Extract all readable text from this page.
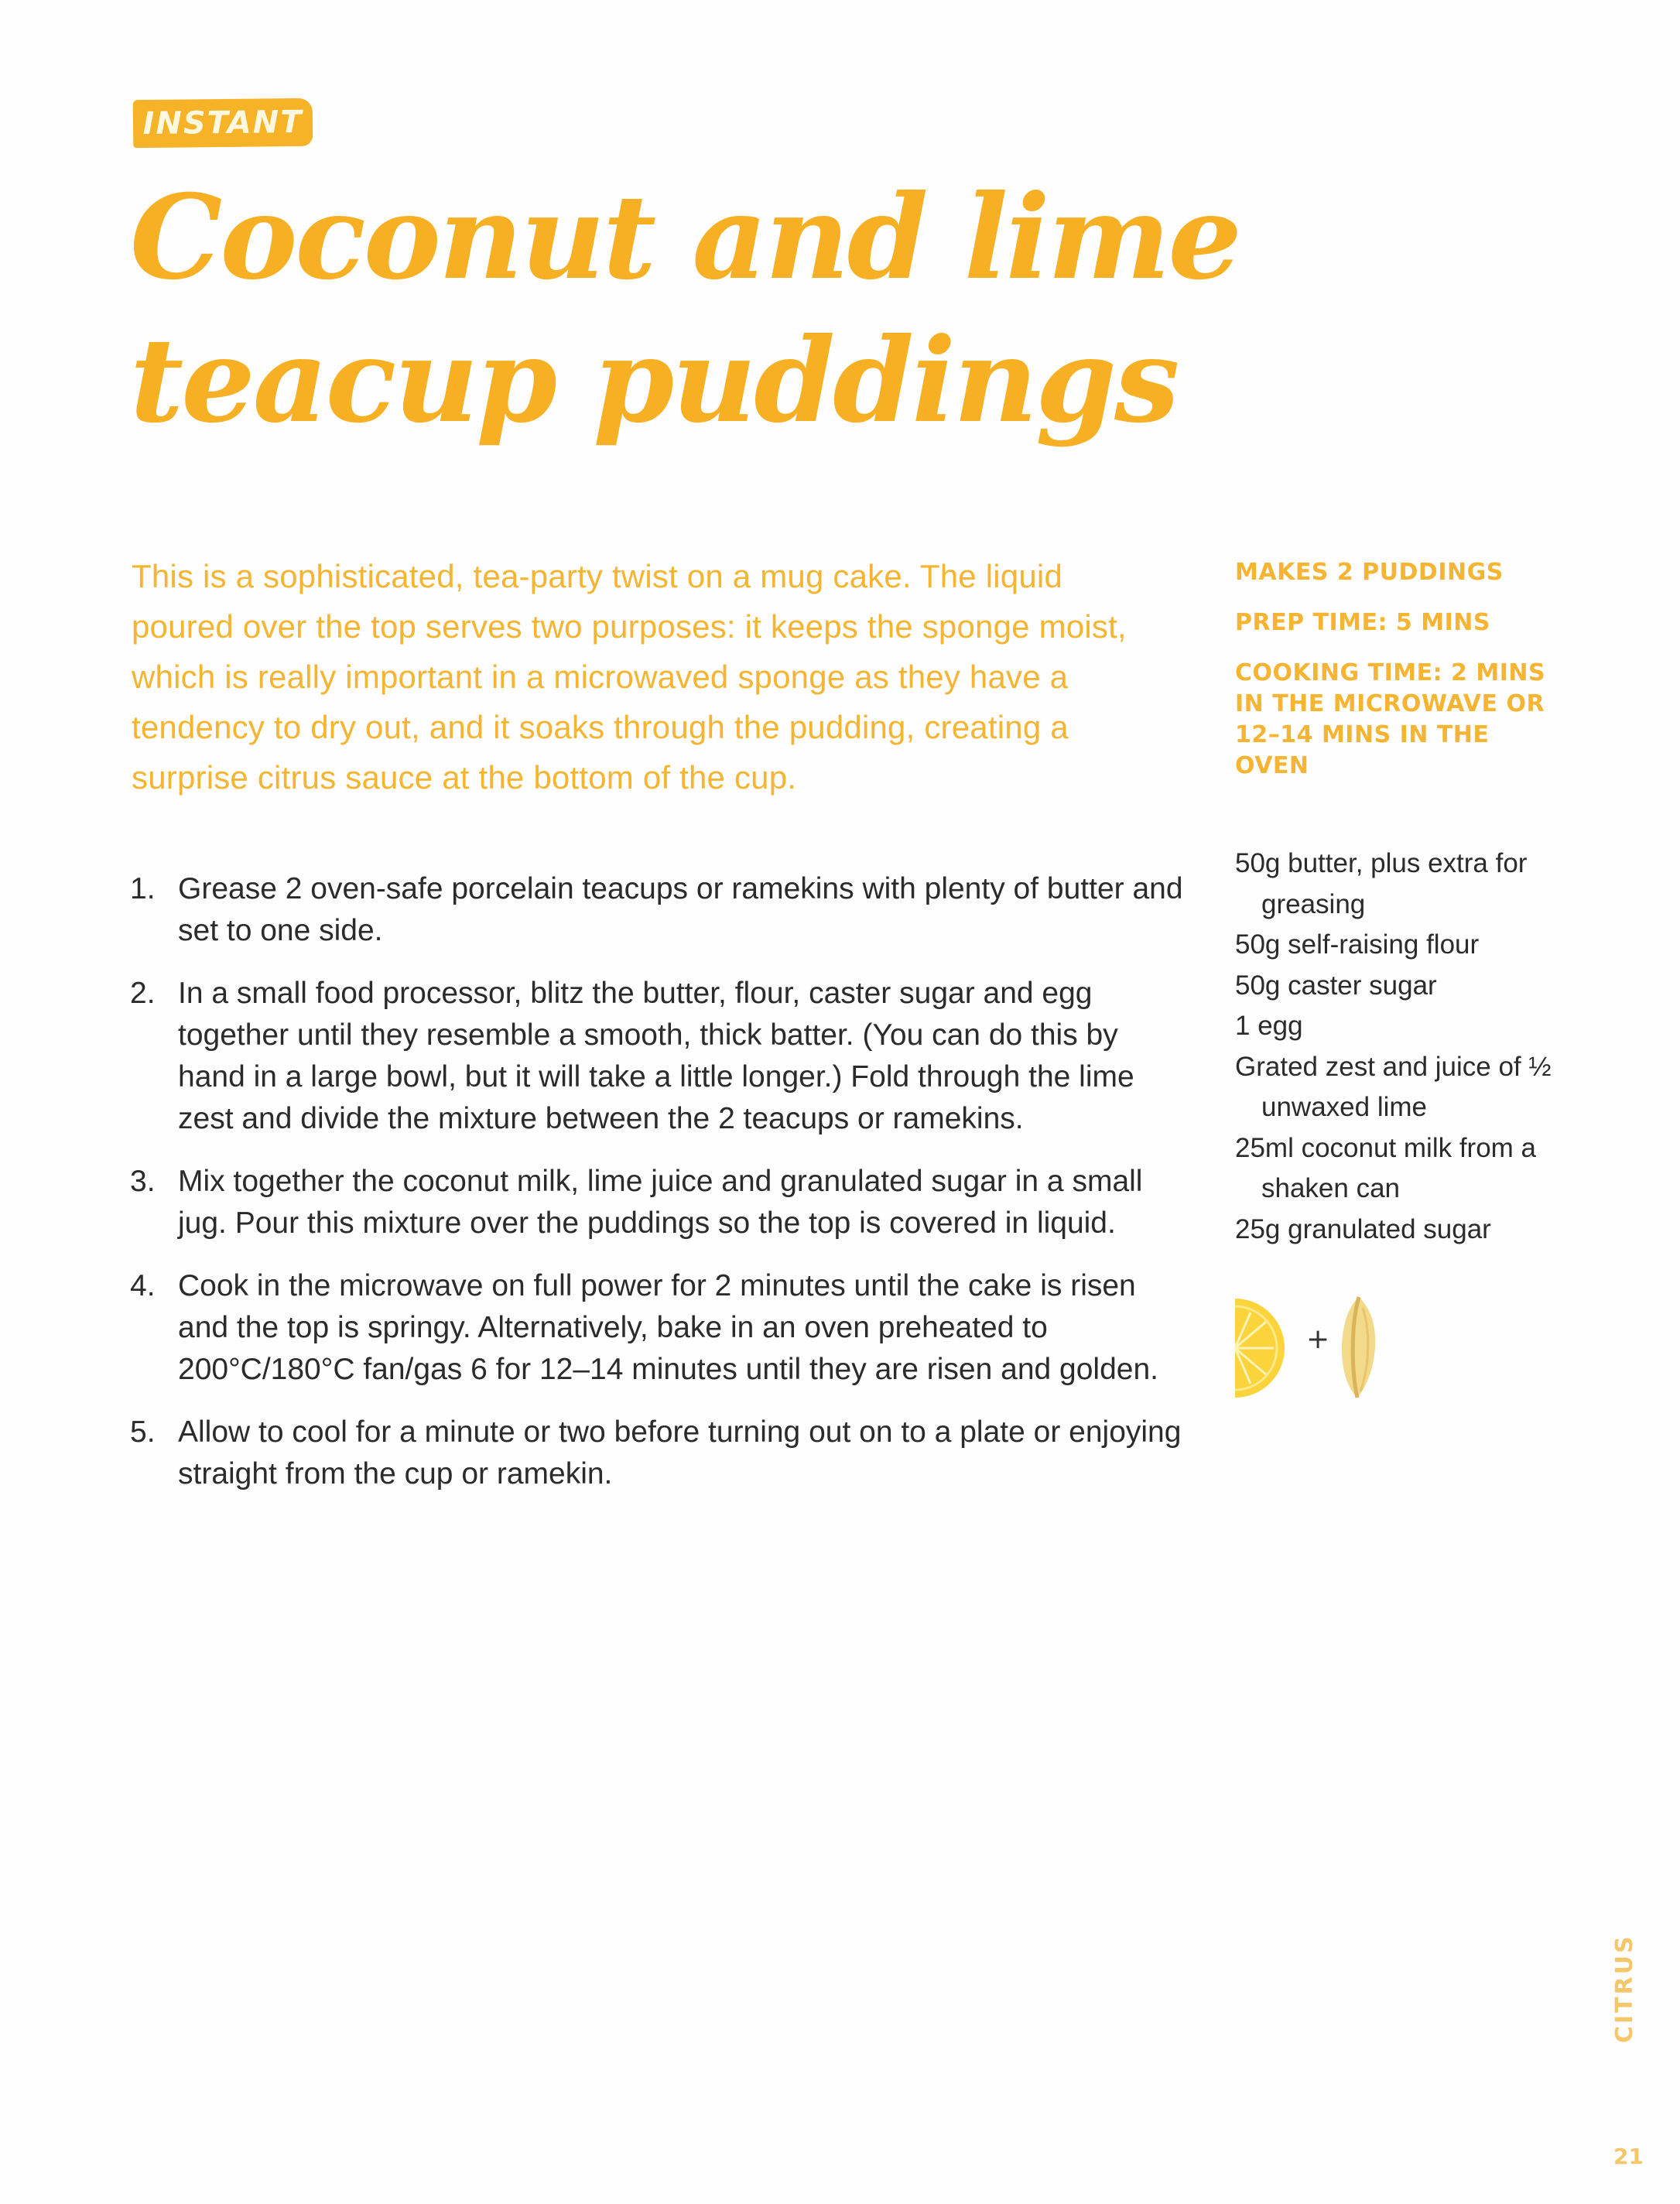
INSTANT
Coconut and lime
teacup puddings
This is a sophisticated, tea-party twist on a mug cake. The liquid poured over the top serves two purposes: it keeps the sponge moist, which is really important in a microwaved sponge as they have a tendency to dry out, and it soaks through the pudding, creating a surprise citrus sauce at the bottom of the cup.
MAKES 2 PUDDINGS
PREP TIME: 5 MINS
COOKING TIME: 2 MINS IN THE MICROWAVE OR 12–14 MINS IN THE OVEN
1. Grease 2 oven-safe porcelain teacups or ramekins with plenty of butter and set to one side.
2. In a small food processor, blitz the butter, flour, caster sugar and egg together until they resemble a smooth, thick batter. (You can do this by hand in a large bowl, but it will take a little longer.) Fold through the lime zest and divide the mixture between the 2 teacups or ramekins.
3. Mix together the coconut milk, lime juice and granulated sugar in a small jug. Pour this mixture over the puddings so the top is covered in liquid.
4. Cook in the microwave on full power for 2 minutes until the cake is risen and the top is springy. Alternatively, bake in an oven preheated to 200°C/180°C fan/gas 6 for 12–14 minutes until they are risen and golden.
5. Allow to cool for a minute or two before turning out on to a plate or enjoying straight from the cup or ramekin.
50g butter, plus extra for greasing
50g self-raising flour
50g caster sugar
1 egg
Grated zest and juice of ½ unwaxed lime
25ml coconut milk from a shaken can
25g granulated sugar
+
CITRUS
21
